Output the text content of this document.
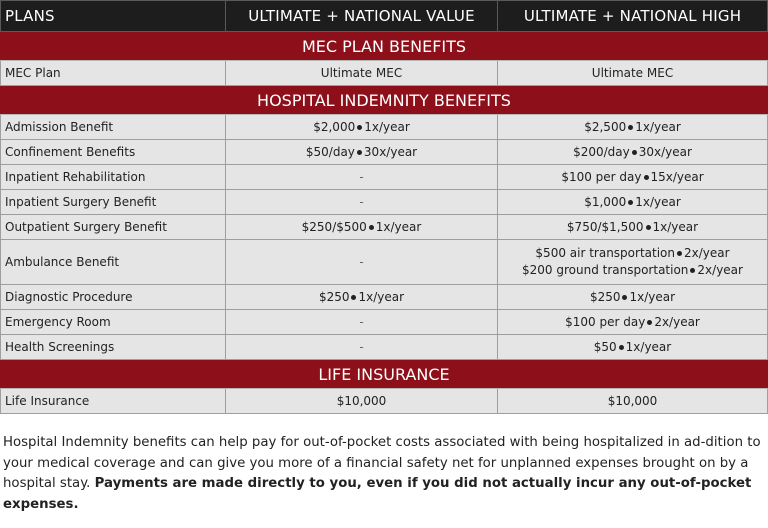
PLANS	ULTIMATE + NATIONAL VALUE	ULTIMATE + NATIONAL HIGH
MEC PLAN BENEFITS		
MEC Plan	Ultimate MEC	Ultimate MEC

HOSPITAL INDEMNITY BENEFITS		
Admission Benefit	$2,000 1x/year	$2,500 1x/year

Confinement Benefits	$50/day 30x/year	$200/day 30x/year

Inpatient Rehabilitation	-	$100 per day 15x/year

Inpatient Surgery Benefit	-	$1,000 1x/year

Outpatient Surgery Benefit	$250/$500 1x/year	$750/$1,500 1x/year

Ambulance Benefit	-	$500 air transportation 2x/year
$200 ground transportation 2x/year

Diagnostic Procedure	$250 1x/year	$250 1x/year

Emergency Room	-	$100 per day 2x/year

Health Screenings	-	$50 1x/year

LIFE INSURANCE		
Life Insurance	$10,000	$10,000

Hospital Indemnity benefits can help pay for out-of-pocket costs associated with being hospitalized in ad-dition to your medical coverage and can give you more of a financial safety net for unplanned expenses brought on by a hospital stay. Payments are made directly to you, even if you did not actually incur any out-of-pocket expenses.
